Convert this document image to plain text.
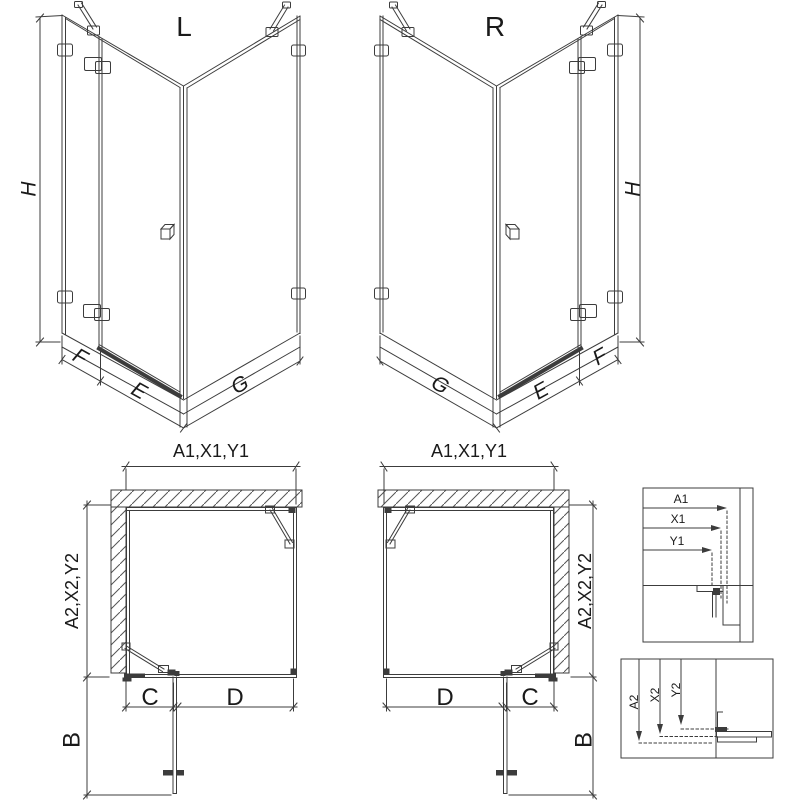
L
H
F
E	G
A1,X1,Y1
A2,X2,Y2
C	D
B
R
H
F
E
G
A1,X1,Y1
A2,X2,Y2
C
D
B
A1
X1
Y1
A2 X2 Y2
